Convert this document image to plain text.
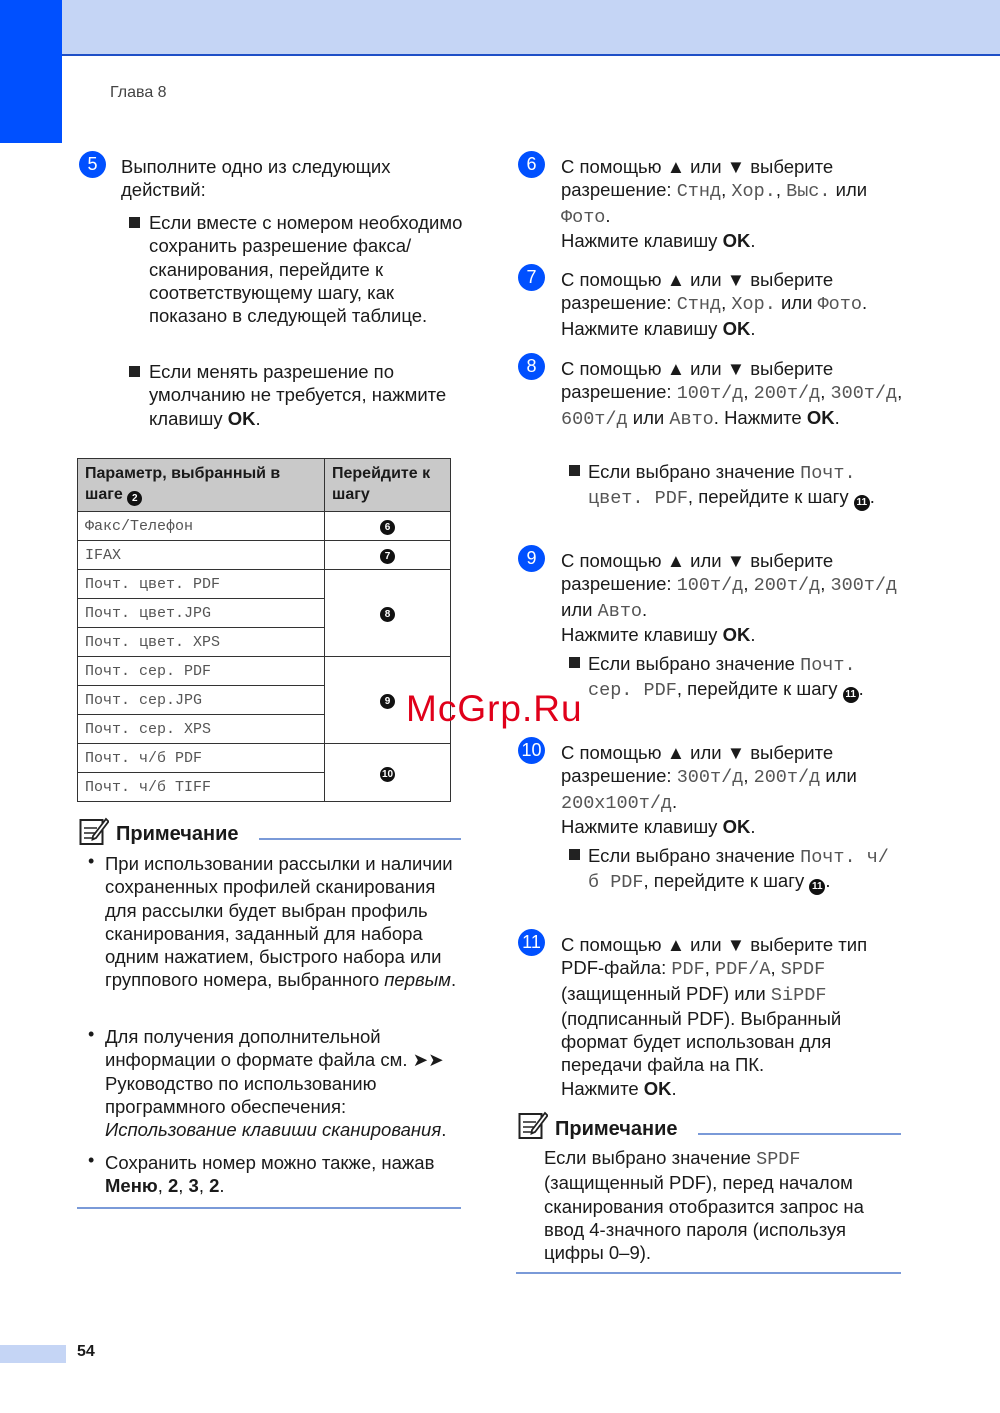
Глава 8
5	Выполните одно из следующих действий:
Если вместе с номером необходимо сохранить разрешение факса/сканирования, перейдите к соответствующему шагу, как показано в следующей таблице.
Если менять разрешение по умолчанию не требуется, нажмите клавишу OK.
Параметр, выбранный в шаге 2	Перейдите к шагу
Факс/Телефон	6
IFAX	7
Почт. цвет. PDF	8
Почт. цвет.JPG	
Почт. цвет. XPS	
Почт. сер. PDF	9
Почт. сер.JPG	
Почт. сер. XPS	
Почт. ч/б PDF	10
Почт. ч/б TIFF	
Примечание
• При использовании рассылки и наличии сохраненных профилей сканирования для рассылки будет выбран профиль сканирования, заданный для набора одним нажатием, быстрого набора или группового номера, выбранного первым.
• Для получения дополнительной информации о формате файла см. ➤➤ Руководство по использованию программного обеспечения: Использование клавиши сканирования.
• Сохранить номер можно также, нажав Меню, 2, 3, 2.
6	С помощью ▲ или ▼ выберите разрешение: Стнд, Хор., Выс. или Фото.
Нажмите клавишу OK.
7	С помощью ▲ или ▼ выберите разрешение: Стнд, Хор. или Фото.
Нажмите клавишу OK.
8	С помощью ▲ или ▼ выберите разрешение: 100т/д, 200т/д, 300т/д, 600т/д или Авто. Нажмите OK.
Если выбрано значение Почт. цвет. PDF, перейдите к шагу 11 .
9	С помощью ▲ или ▼ выберите разрешение: 100т/д, 200т/д, 300т/д или Авто.
Нажмите клавишу OK.
Если выбрано значение Почт. сер. PDF, перейдите к шагу 11 .
10 С помощью ▲ или ▼ выберите разрешение: 300т/д, 200т/д или 200x100т/д.
Нажмите клавишу OK.
Если выбрано значение Почт. ч/б PDF, перейдите к шагу 11 .
11 С помощью ▲ или ▼ выберите тип PDF-файла: PDF, PDF/A, SPDF (защищенный PDF) или SiPDF (подписанный PDF). Выбранный формат будет использован для передачи файла на ПК.
Нажмите OK.
Примечание
Если выбрано значение SPDF (защищенный PDF), перед началом сканирования отобразится запрос на ввод 4-значного пароля (используя цифры 0–9).
54
McGrp.Ru
